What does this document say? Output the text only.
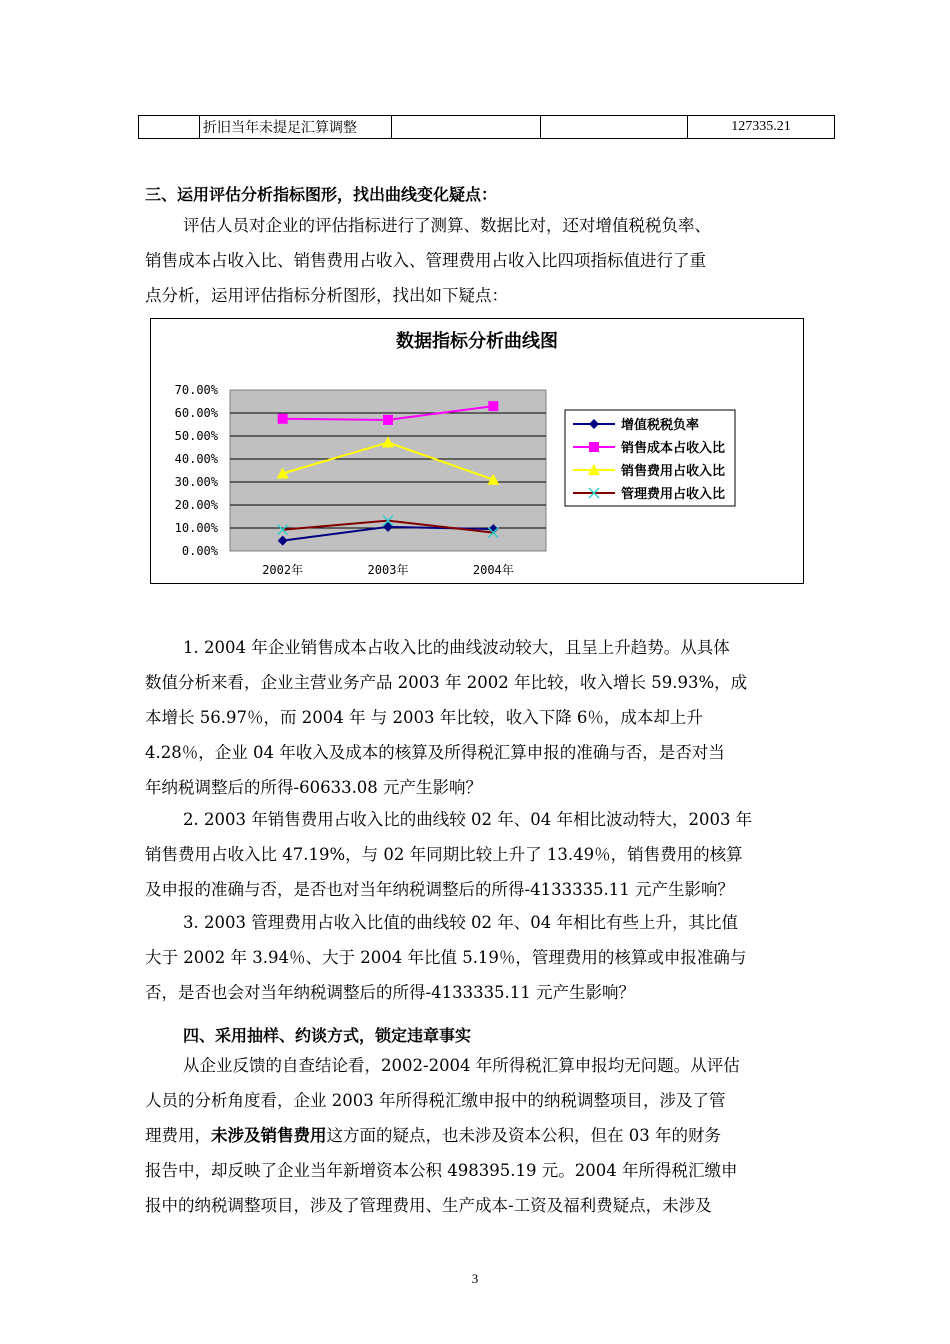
	折旧当年未提足汇算调整			127335.21
三、运用评估分析指标图形，找出曲线变化疑点：
评估人员对企业的评估指标进行了测算、数据比对，还对增值税税负率、
销售成本占收入比、销售费用占收入、管理费用占收入比四项指标值进行了重
点分析，运用评估指标分析图形，找出如下疑点：
数据指标分析曲线图
70.00%
60.00%
50.00%
40.00%
30.00%
20.00%
10.00%
0.00%
2002年	2003年	2004年
增值税税负率
销售成本占收入比
销售费用占收入比
管理费用占收入比
1. 2004 年企业销售成本占收入比的曲线波动较大，且呈上升趋势。从具体
数值分析来看，企业主营业务产品 2003 年 2002 年比较，收入增长 59.93%，成
本增长 56.97％，而 2004 年 与 2003 年比较，收入下降 6％，成本却上升
4.28％，企业 04 年收入及成本的核算及所得税汇算申报的准确与否，是否对当
年纳税调整后的所得-60633.08 元产生影响？
2. 2003 年销售费用占收入比的曲线较 02 年、04 年相比波动特大，2003 年
销售费用占收入比 47.19%，与 02 年同期比较上升了 13.49％，销售费用的核算
及申报的准确与否，是否也对当年纳税调整后的所得-4133335.11 元产生影响？
3. 2003 管理费用占收入比值的曲线较 02 年、04 年相比有些上升，其比值
大于 2002 年 3.94％、大于 2004 年比值 5.19％，管理费用的核算或申报准确与
否，是否也会对当年纳税调整后的所得-4133335.11 元产生影响？
四、采用抽样、约谈方式，锁定违章事实
从企业反馈的自查结论看，2002-2004 年所得税汇算申报均无问题。从评估
人员的分析角度看，企业 2003 年所得税汇缴申报中的纳税调整项目，涉及了管
理费用，未涉及销售费用这方面的疑点，也未涉及资本公积，但在 03 年的财务
报告中，却反映了企业当年新增资本公积 498395.19 元。2004 年所得税汇缴申
报中的纳税调整项目，涉及了管理费用、生产成本-工资及福利费疑点，未涉及
3
